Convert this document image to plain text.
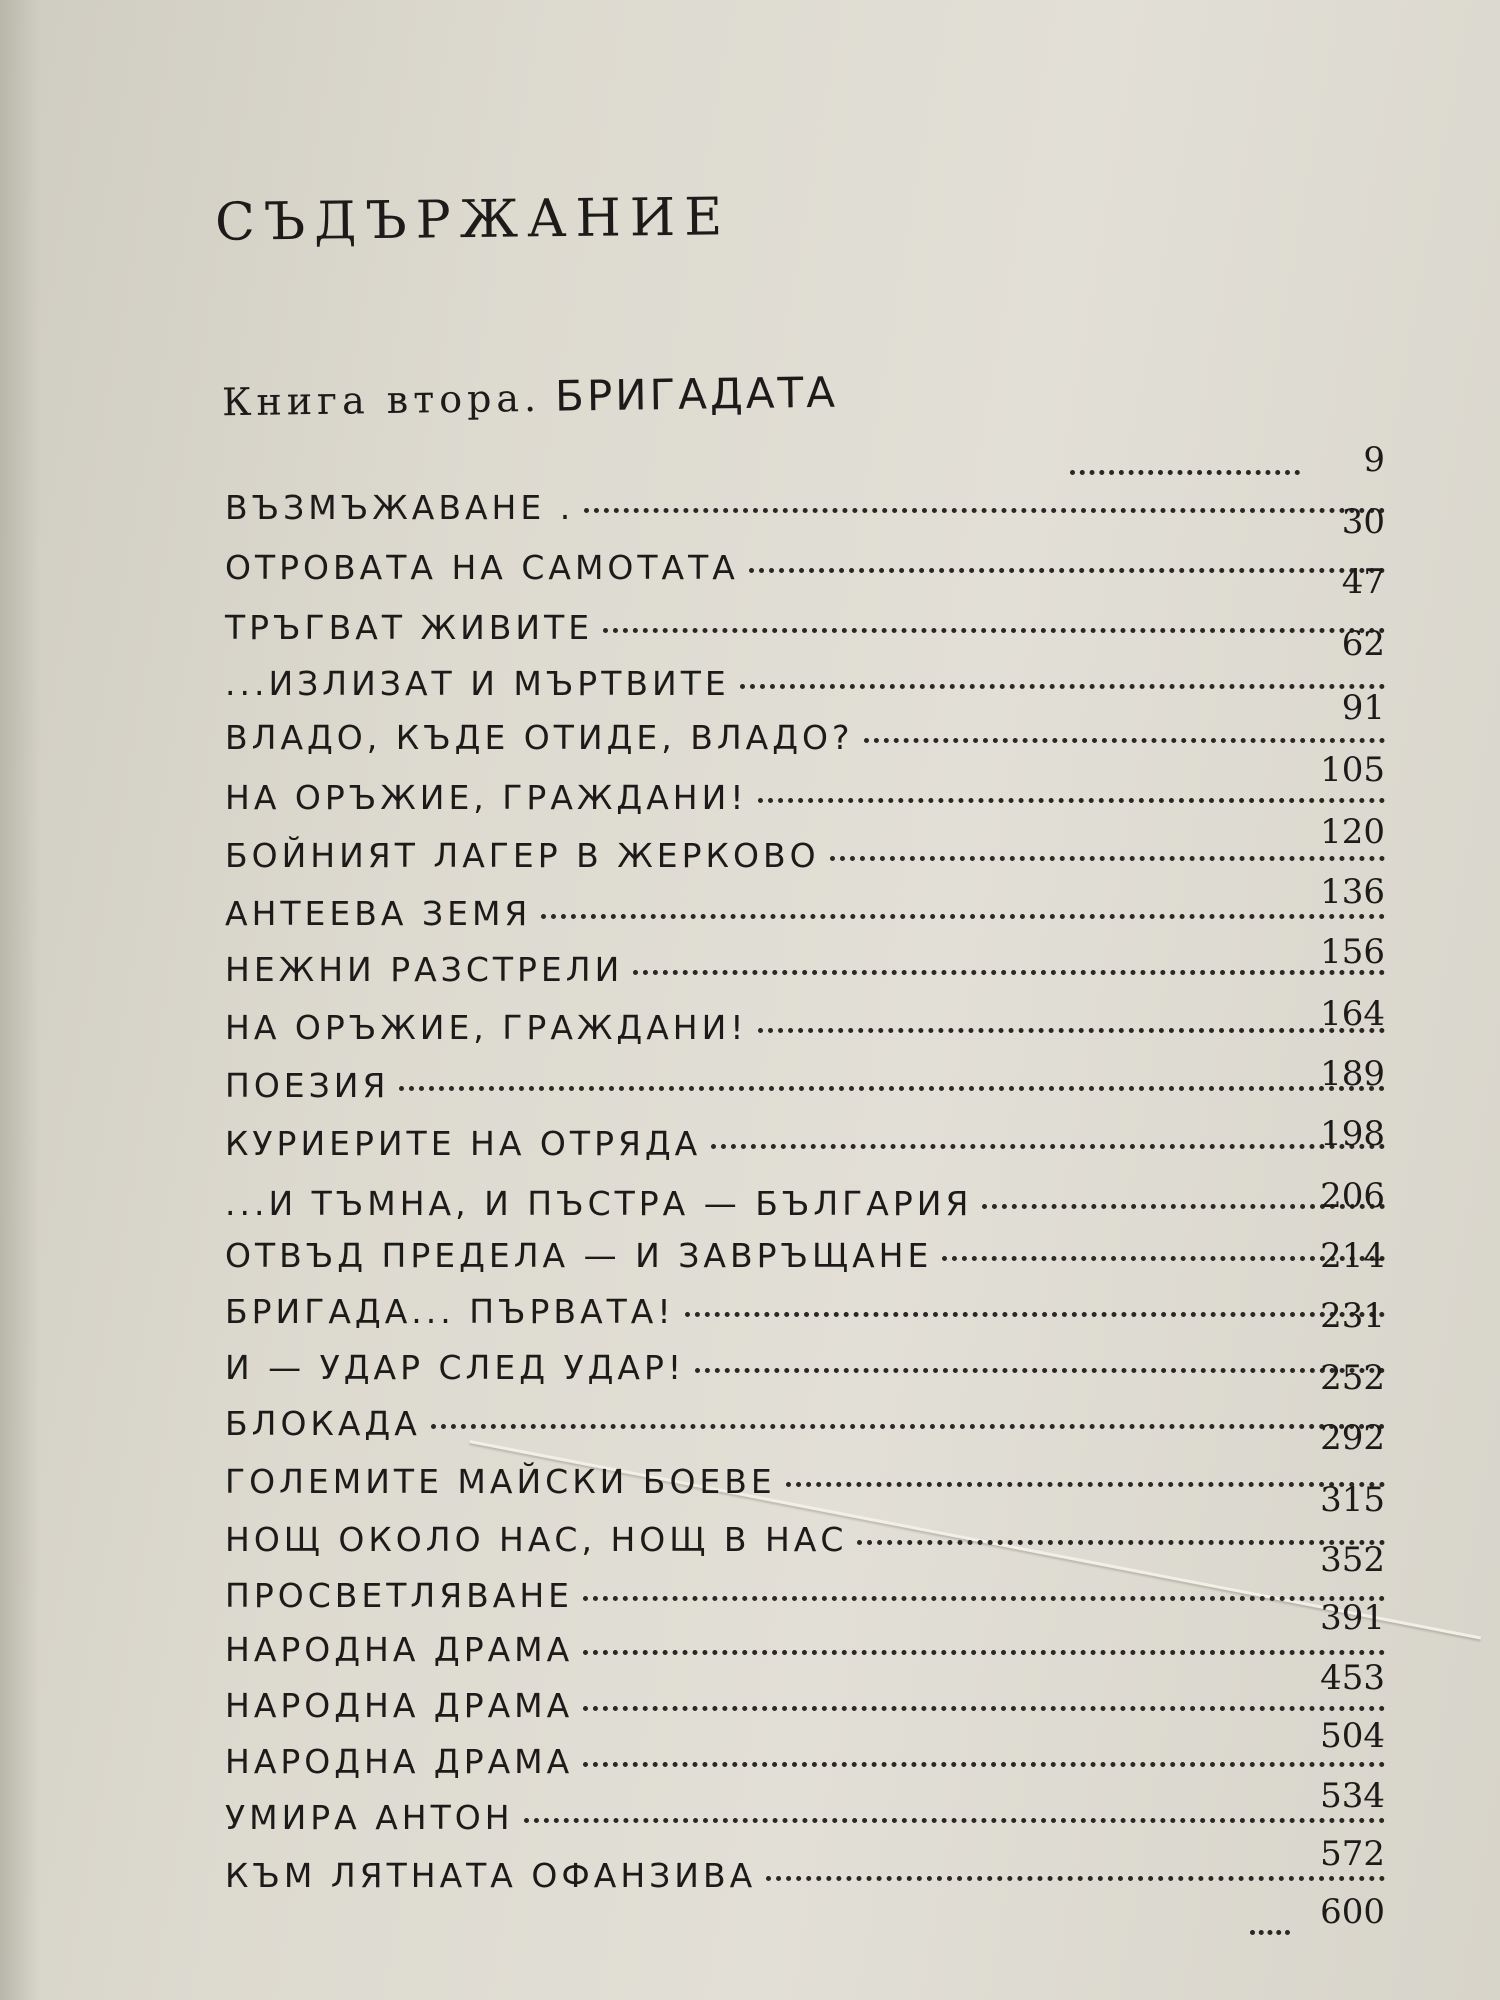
СЪДЪРЖАНИЕ
Книга втора. БРИГАДАТА
ВЪЗМЪЖАВАНЕ .
ОТРОВАТА НА САМОТАТА
ТРЪГВАТ ЖИВИТЕ
...ИЗЛИЗАТ И МЪРТВИТЕ
ВЛАДО, КЪДЕ ОТИДЕ, ВЛАДО?
НА ОРЪЖИЕ, ГРАЖДАНИ!
БОЙНИЯТ ЛАГЕР В ЖЕРКОВО
АНТЕЕВА ЗЕМЯ
НЕЖНИ РАЗСТРЕЛИ
НА ОРЪЖИЕ, ГРАЖДАНИ!
ПОЕЗИЯ
КУРИЕРИТЕ НА ОТРЯДА
...И ТЪМНА, И ПЪСТРА — БЪЛГАРИЯ
ОТВЪД ПРЕДЕЛА — И ЗАВРЪЩАНЕ
БРИГАДА... ПЪРВАТА!
И — УДАР СЛЕД УДАР!
БЛОКАДА
ГОЛЕМИТЕ МАЙСКИ БОЕВЕ
НОЩ ОКОЛО НАС, НОЩ В НАС
ПРОСВЕТЛЯВАНЕ
НАРОДНА ДРАМА
НАРОДНА ДРАМА
НАРОДНА ДРАМА
УМИРА АНТОН
КЪМ ЛЯТНАТА ОФАНЗИВА
9
30
47
62
91
105
120
136
156
164
189
198
206
214
231
252
292
315
352
391
453
504
534
572
600
